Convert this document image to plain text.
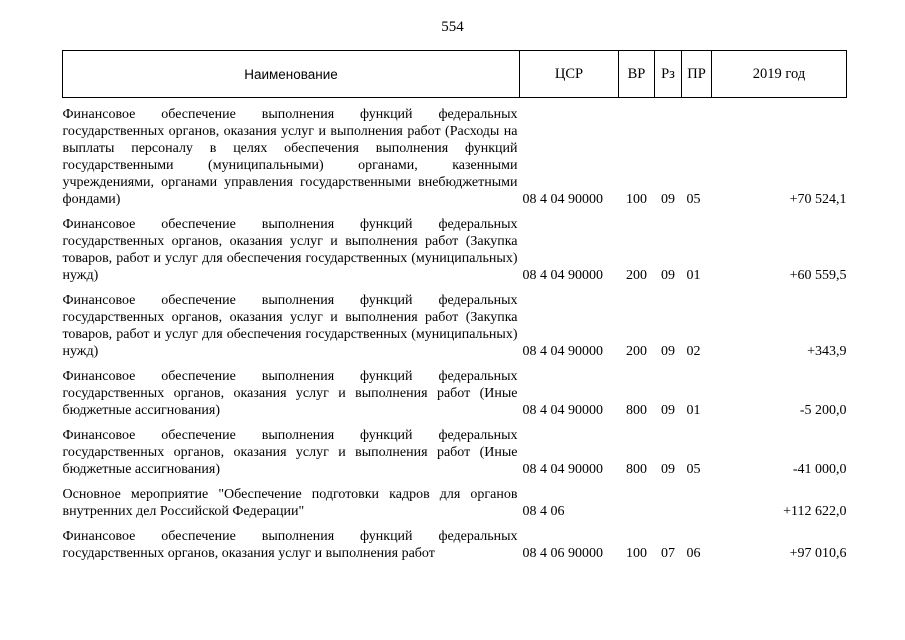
554
Наименование	ЦСР	ВР	Рз	ПР	2019 год

Финансовое обеспечение выполнения функций федеральных государственных органов, оказания услуг и выполнения работ (Расходы на выплаты персоналу в целях обеспечения выполнения функций государственными (муниципальными) органами, казенными учреждениями, органами управления государственными внебюджетными фондами)	08 4 04 90000	100	09	05	+70 524,1

Финансовое обеспечение выполнения функций федеральных государственных органов, оказания услуг и выполнения работ (Закупка товаров, работ и услуг для обеспечения государственных (муниципальных) нужд)	08 4 04 90000	200	09	01	+60 559,5

Финансовое обеспечение выполнения функций федеральных государственных органов, оказания услуг и выполнения работ (Закупка товаров, работ и услуг для обеспечения государственных (муниципальных) нужд)	08 4 04 90000	200	09	02	+343,9

Финансовое обеспечение выполнения функций федеральных государственных органов, оказания услуг и выполнения работ (Иные бюджетные ассигнования)	08 4 04 90000	800	09	01	-5 200,0

Финансовое обеспечение выполнения функций федеральных государственных органов, оказания услуг и выполнения работ (Иные бюджетные ассигнования)	08 4 04 90000	800	09	05	-41 000,0

Основное мероприятие "Обеспечение подготовки кадров для органов внутренних дел Российской Федерации"	08 4 06				+112 622,0

Финансовое обеспечение выполнения функций федеральных государственных органов, оказания услуг и выполнения работ	08 4 06 90000	100	07	06	+97 010,6
